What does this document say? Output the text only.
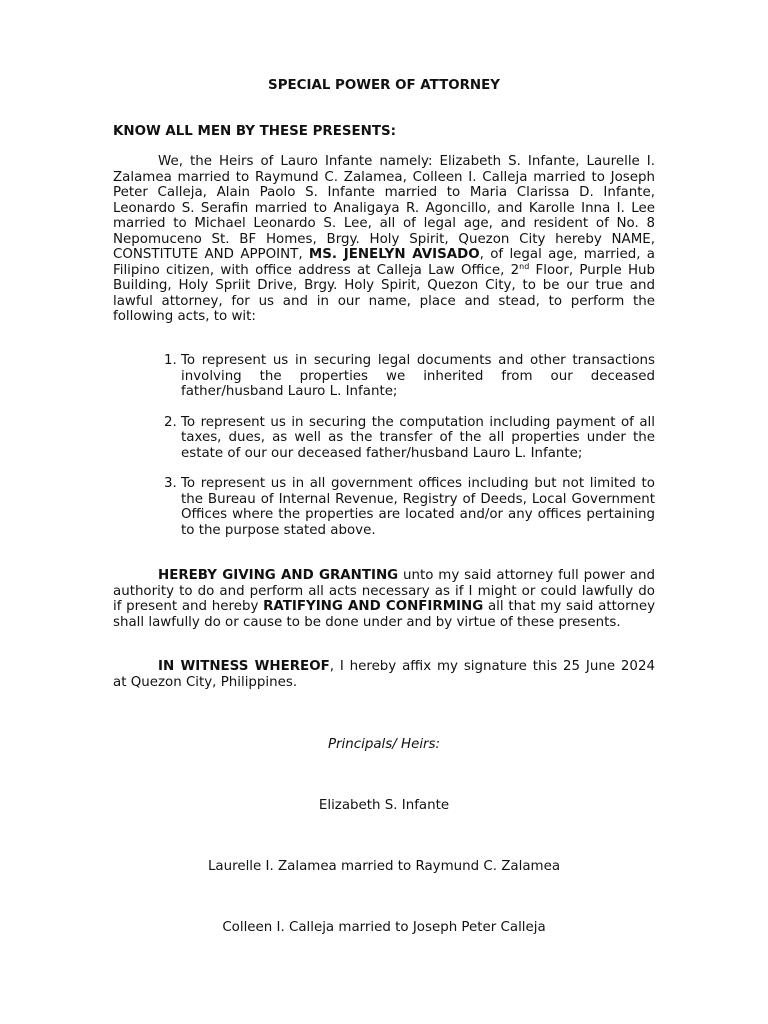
SPECIAL POWER OF ATTORNEY
KNOW ALL MEN BY THESE PRESENTS:

We, the Heirs of Lauro Infante namely: Elizabeth S. Infante, Laurelle I. Zalamea married to Raymund C. Zalamea, Colleen I. Calleja married to Joseph Peter Calleja, Alain Paolo S. Infante married to Maria Clarissa D. Infante, Leonardo S. Serafin married to Analigaya R. Agoncillo, and Karolle Inna I. Lee married to Michael Leonardo S. Lee, all of legal age, and resident of No. 8 Nepomuceno St. BF Homes, Brgy. Holy Spirit, Quezon City hereby NAME, CONSTITUTE AND APPOINT, MS. JENELYN AVISADO, of legal age, married, a Filipino citizen, with office address at Calleja Law Office, 2nd Floor, Purple Hub Building, Holy Spriit Drive, Brgy. Holy Spirit, Quezon City, to be our true and lawful attorney, for us and in our name, place and stead, to perform the following acts, to wit:

1. To represent us in securing legal documents and other transactions involving the properties we inherited from our deceased father/husband Lauro L. Infante;
2. To represent us in securing the computation including payment of all taxes, dues, as well as the transfer of the all properties under the estate of our our deceased father/husband Lauro L. Infante;
3. To represent us in all government offices including but not limited to the Bureau of Internal Revenue, Registry of Deeds, Local Government Offices where the properties are located and/or any offices pertaining to the purpose stated above.

HEREBY GIVING AND GRANTING unto my said attorney full power and authority to do and perform all acts necessary as if I might or could lawfully do if present and hereby RATIFYING AND CONFIRMING all that my said attorney shall lawfully do or cause to be done under and by virtue of these presents.

IN WITNESS WHEREOF, I hereby affix my signature this 25 June 2024 at Quezon City, Philippines.

Principals/ Heirs:
Elizabeth S. Infante
Laurelle I. Zalamea married to Raymund C. Zalamea
Colleen I. Calleja married to Joseph Peter Calleja
